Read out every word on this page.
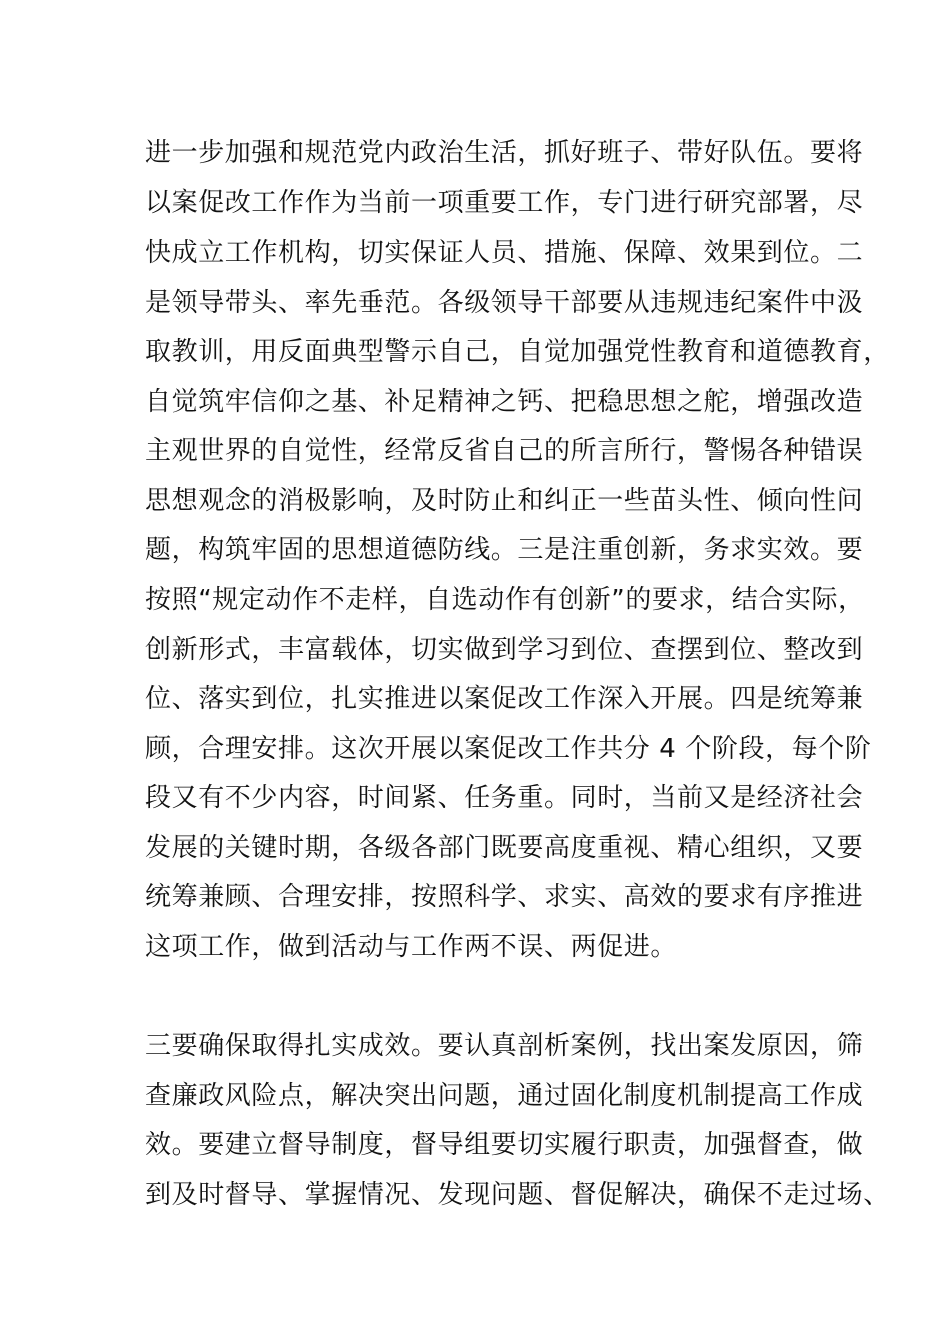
进一步加强和规范党内政治生活，抓好班子、带好队伍。要将
以案促改工作作为当前一项重要工作，专门进行研究部署，尽
快成立工作机构，切实保证人员、措施、保障、效果到位。二
是领导带头、率先垂范。各级领导干部要从违规违纪案件中汲
取教训，用反面典型警示自己，自觉加强党性教育和道德教育，
自觉筑牢信仰之基、补足精神之钙、把稳思想之舵，增强改造
主观世界的自觉性，经常反省自己的所言所行，警惕各种错误
思想观念的消极影响，及时防止和纠正一些苗头性、倾向性问
题，构筑牢固的思想道德防线。三是注重创新，务求实效。要
按照“规定动作不走样，自选动作有创新”的要求，结合实际，
创新形式，丰富载体，切实做到学习到位、查摆到位、整改到
位、落实到位，扎实推进以案促改工作深入开展。四是统筹兼
顾，合理安排。这次开展以案促改工作共分 4 个阶段，每个阶
段又有不少内容，时间紧、任务重。同时，当前又是经济社会
发展的关键时期，各级各部门既要高度重视、精心组织，又要
统筹兼顾、合理安排，按照科学、求实、高效的要求有序推进
这项工作，做到活动与工作两不误、两促进。
三要确保取得扎实成效。要认真剖析案例，找出案发原因，筛
查廉政风险点，解决突出问题，通过固化制度机制提高工作成
效。要建立督导制度，督导组要切实履行职责，加强督查，做
到及时督导、掌握情况、发现问题、督促解决，确保不走过场、
